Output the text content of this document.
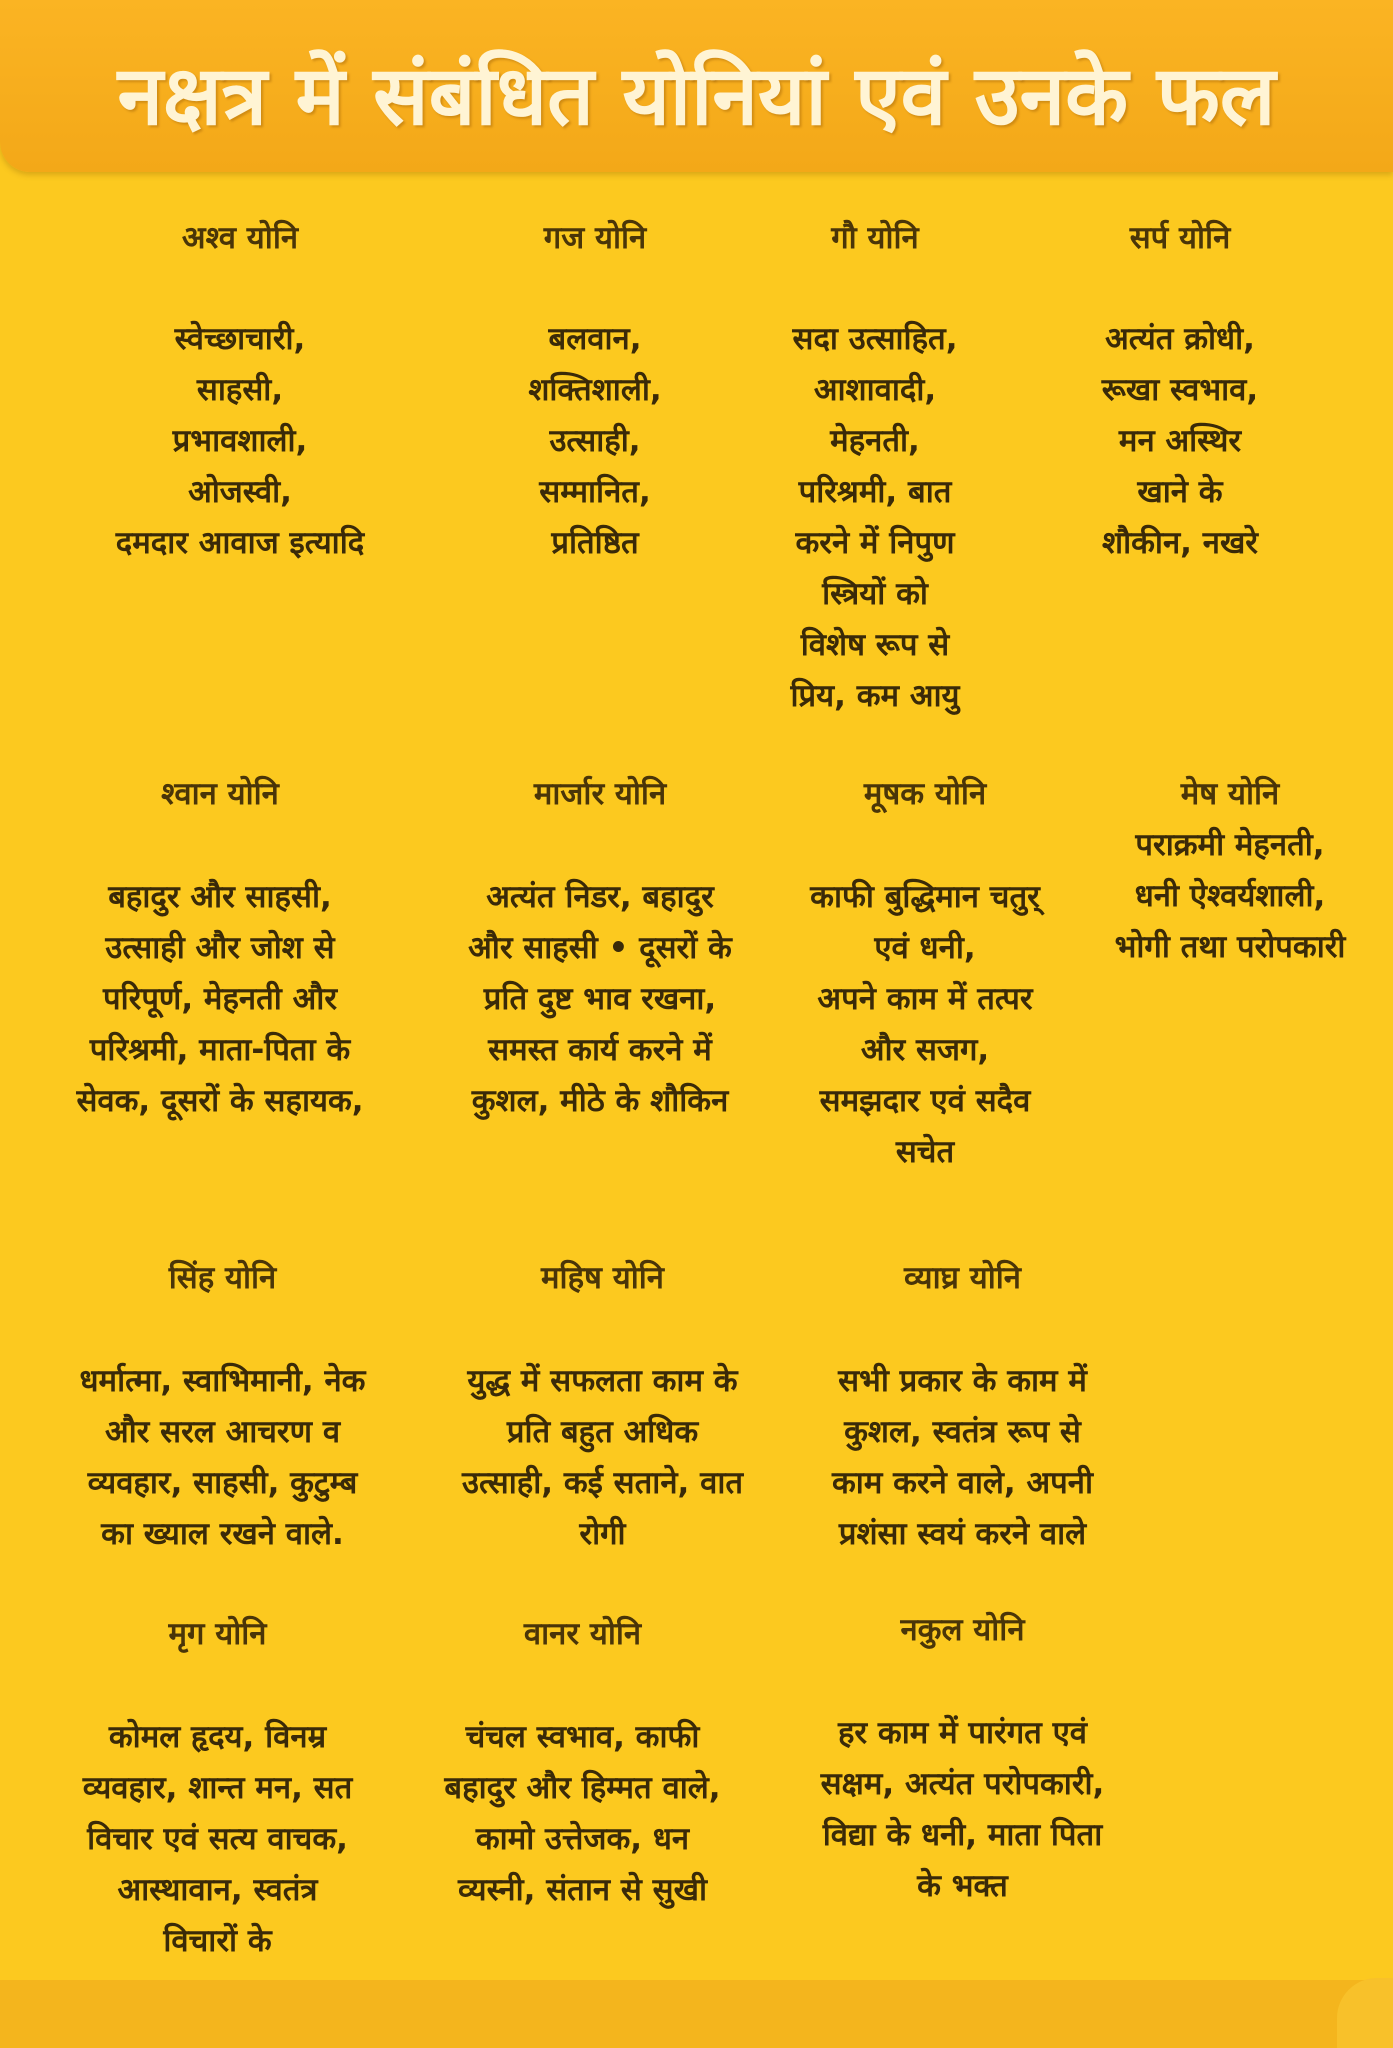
नक्षत्र में संबंधित योनियां एवं उनके फल
अश्व योनि
स्वेच्छाचारी,
साहसी,
प्रभावशाली,
ओजस्वी,
दमदार आवाज इत्यादि
गज योनि
बलवान,
शक्तिशाली,
उत्साही,
सम्मानित,
प्रतिष्ठित
गौ योनि
सदा उत्साहित,
आशावादी,
मेहनती,
परिश्रमी, बात
करने में निपुण
स्त्रियों को
विशेष रूप से
प्रिय, कम आयु
सर्प योनि
अत्यंत क्रोधी,
रूखा स्वभाव,
मन अस्थिर
खाने के
शौकीन, नखरे
श्वान योनि
बहादुर और साहसी,
उत्साही और जोश से
परिपूर्ण, मेहनती और
परिश्रमी, माता-पिता के
सेवक, दूसरों के सहायक,
मार्जार योनि
अत्यंत निडर, बहादुर
और साहसी • दूसरों के
प्रति दुष्ट भाव रखना,
समस्त कार्य करने में
कुशल, मीठे के शौकिन
मूषक योनि
काफी बुद्धिमान चतुर्
एवं धनी,
अपने काम में तत्पर
और सजग,
समझदार एवं सदैव
सचेत
मेष योनि
पराक्रमी मेहनती,
धनी ऐश्वर्यशाली,
भोगी तथा परोपकारी
सिंह योनि
धर्मात्मा, स्वाभिमानी, नेक
और सरल आचरण व
व्यवहार, साहसी, कुटुम्ब
का ख्याल रखने वाले.
महिष योनि
युद्ध में सफलता काम के
प्रति बहुत अधिक
उत्साही, कई सताने, वात
रोगी
व्याघ्र योनि
सभी प्रकार के काम में
कुशल, स्वतंत्र रूप से
काम करने वाले, अपनी
प्रशंसा स्वयं करने वाले
मृग योनि
कोमल हृदय, विनम्र
व्यवहार, शान्त मन, सत
विचार एवं सत्य वाचक,
आस्थावान, स्वतंत्र
विचारों के
वानर योनि
चंचल स्वभाव, काफी
बहादुर और हिम्मत वाले,
कामो उत्तेजक, धन
व्यस्नी, संतान से सुखी
नकुल योनि
हर काम में पारंगत एवं
सक्षम, अत्यंत परोपकारी,
विद्या के धनी, माता पिता
के भक्त
